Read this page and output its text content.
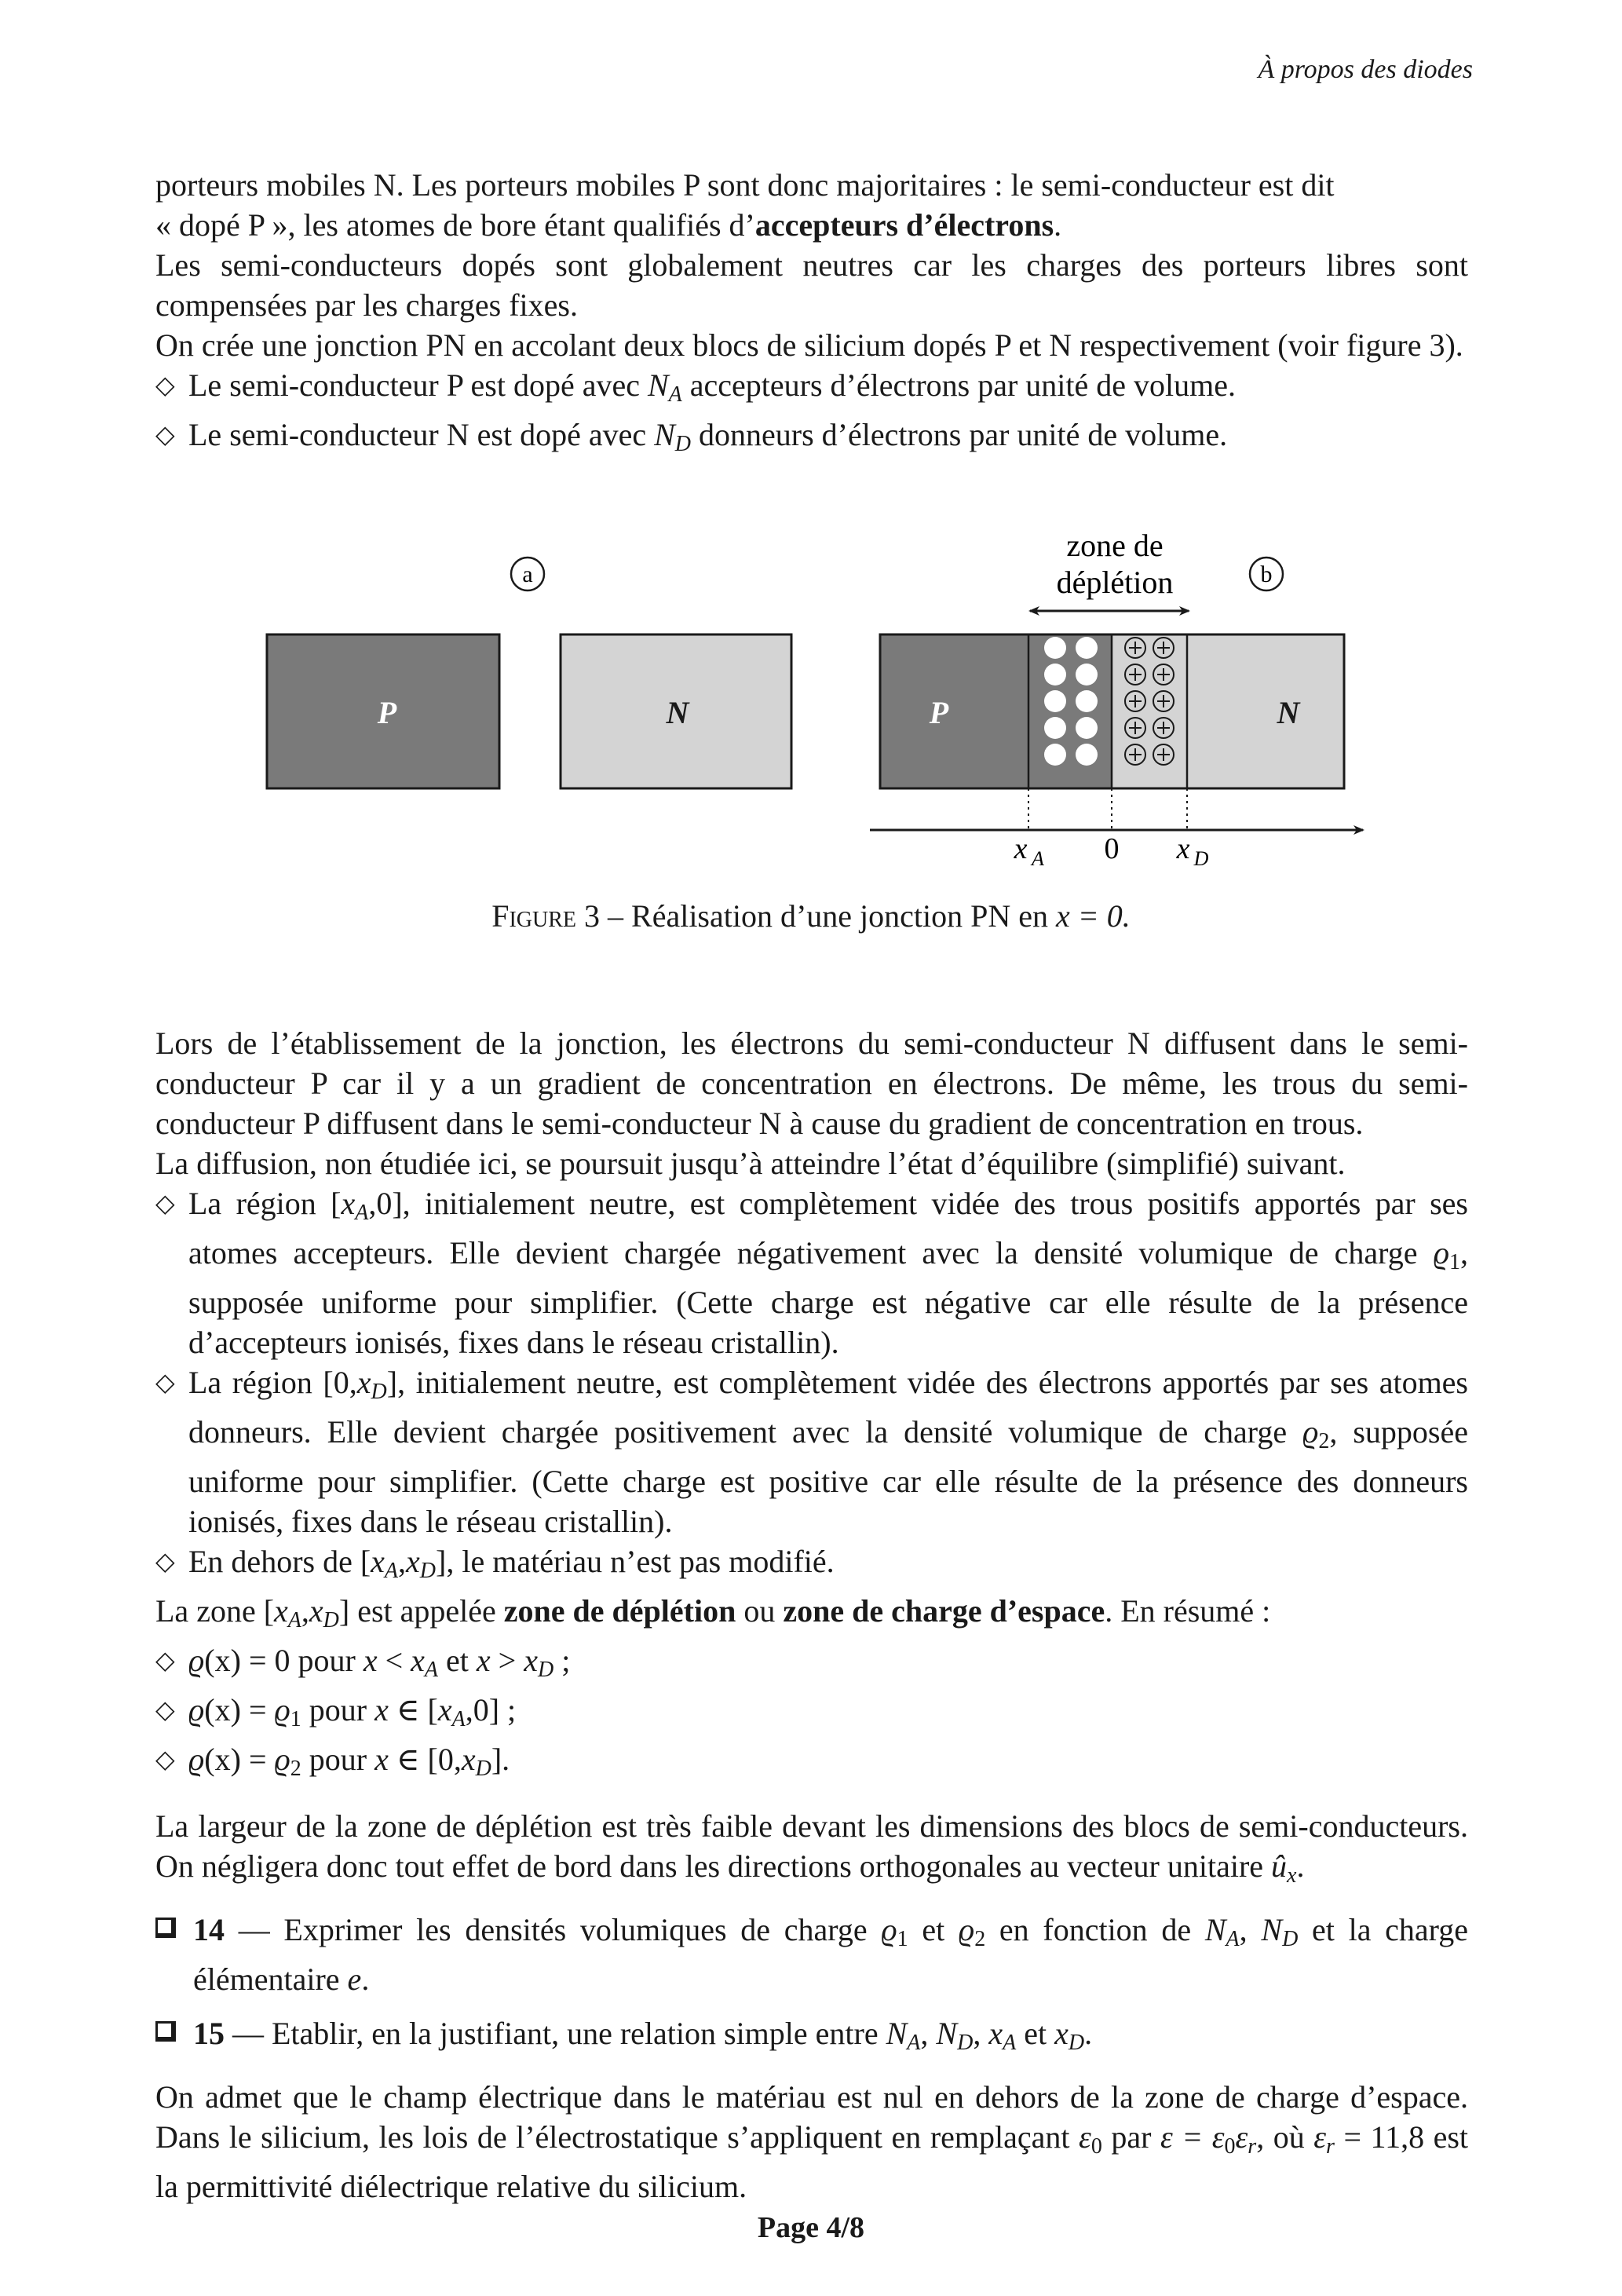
À propos des diodes

porteurs mobiles N. Les porteurs mobiles P sont donc majoritaires : le semi-conducteur est dit

« dopé P », les atomes de bore étant qualifiés d’accepteurs d’électrons.

Les semi-conducteurs dopés sont globalement neutres car les charges des porteurs libres sont compensées par les charges fixes.

On crée une jonction PN en accolant deux blocs de silicium dopés P et N respectivement (voir figure 3).

◇ Le semi-conducteur P est dopé avec $N_A$ accepteurs d’électrons par unité de volume.
◇ Le semi-conducteur N est dopé avec $N_D$ donneurs d’électrons par unité de volume.
a
P	N
zone de
déplétion	b
P	N
x A 0 x D
Figure 3 – Réalisation d’une jonction PN en x = 0.

Lors de l’établissement de la jonction, les électrons du semi-conducteur N diffusent dans le semi-conducteur P car il y a un gradient de concentration en électrons. De même, les trous du semi-conducteur P diffusent dans le semi-conducteur N à cause du gradient de concentration en trous.

La diffusion, non étudiée ici, se poursuit jusqu’à atteindre l’état d’équilibre (simplifié) suivant.

◇ La région $[x_A,0]$, initialement neutre, est complètement vidée des trous positifs apportés par ses atomes accepteurs. Elle devient chargée négativement avec la densité volumique de charge $ϱ_1$, supposée uniforme pour simplifier. (Cette charge est négative car elle résulte de la présence d’accepteurs ionisés, fixes dans le réseau cristallin).
◇ La région $[0,x_D]$, initialement neutre, est complètement vidée des électrons apportés par ses atomes donneurs. Elle devient chargée positivement avec la densité volumique de charge $ϱ_2$, supposée uniforme pour simplifier. (Cette charge est positive car elle résulte de la présence des donneurs ionisés, fixes dans le réseau cristallin).
◇ En dehors de $[x_A,x_D]$, le matériau n’est pas modifié.

La zone $[x_A,x_D]$ est appelée zone de déplétion ou zone de charge d’espace. En résumé :

◇ ϱ(x) = 0 pour $x < x_A$ et $x > x_D$ ;
◇ $ϱ(x) = ϱ_1$ pour x ∈ $[x_A,0]$ ;
◇ $ϱ(x) = ϱ_2$ pour x ∈ $[0,x_D]$.

La largeur de la zone de déplétion est très faible devant les dimensions des blocs de semi-conducteurs. On négligera donc tout effet de bord dans les directions orthogonales au vecteur unitaire $û_x$.

14 — Exprimer les densités volumiques de charge $ϱ_1$ et $ϱ_2$ en fonction de $N_A$, $N_D$ et la charge élémentaire e.
15 — Etablir, en la justifiant, une relation simple entre $N_A$, $N_D$, $x_A$ et $x_D$.

On admet que le champ électrique dans le matériau est nul en dehors de la zone de charge d’espace. Dans le silicium, les lois de l’électrostatique s’appliquent en remplaçant $\varepsilon_0$ par $\varepsilon = \varepsilon_0\varepsilon_r$, où $\varepsilon_r = 11,8$ est la permittivité diélectrique relative du silicium.

Page 4/8
